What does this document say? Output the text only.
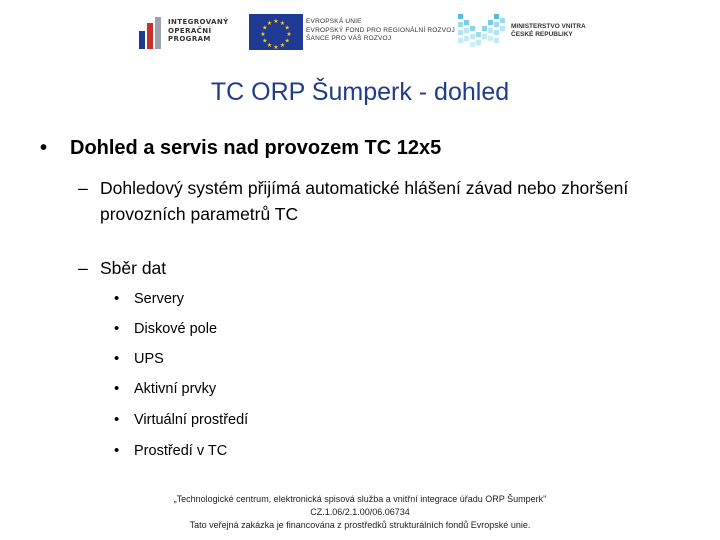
INTEGROVANÝ
OPERAČNÍ
PROGRAM
★ ★
★
★
★
★
★
★
★
★
★
★	EVROPSKÁ UNIE
EVROPSKÝ FOND PRO REGIONÁLNÍ ROZVOJ
ŠANCE PRO VÁŠ ROZVOJ
MINISTERSTVO VNITRA
ČESKÉ REPUBLIKY
TC ORP Šumperk - dohled
• Dohled a servis nad provozem TC 12x5
– Dohledový systém přijímá automatické hlášení závad nebo zhoršení provozních parametrů TC
– Sběr dat
• Servery
• Diskové pole
• UPS
• Aktivní prvky
• Virtuální prostředí
• Prostředí v TC
„Technologické centrum, elektronická spisová služba a vnitřní integrace úřadu ORP Šumperk"
CZ.1.06/2.1.00/06.06734
Tato veřejná zakázka je financována z prostředků strukturálních fondů Evropské unie.
